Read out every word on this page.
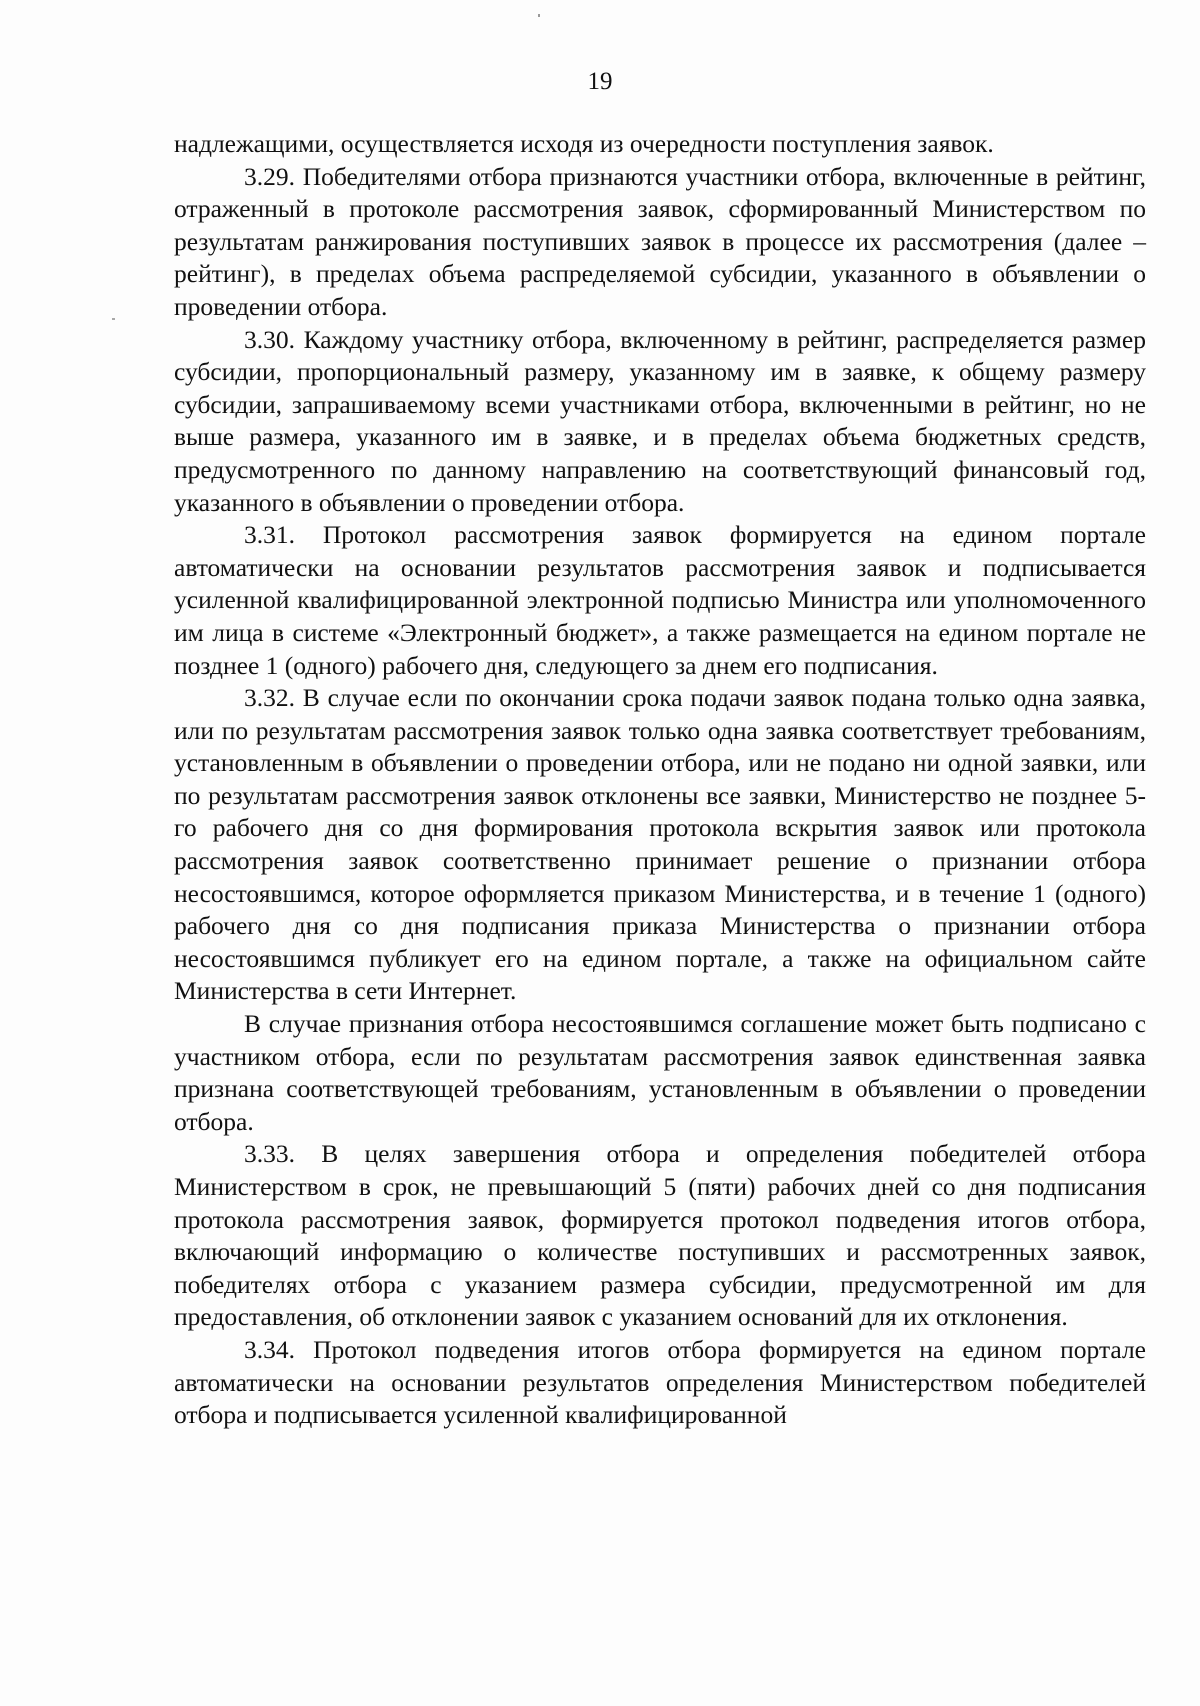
19

надлежащими, осуществляется исходя из очередности поступления заявок.

3.29. Победителями отбора признаются участники отбора, включенные в рейтинг, отраженный в протоколе рассмотрения заявок, сформированный Министерством по результатам ранжирования поступивших заявок в процессе их рассмотрения (далее – рейтинг), в пределах объема распределяемой субсидии, указанного в объявлении о проведении отбора.

3.30. Каждому участнику отбора, включенному в рейтинг, распределяется размер субсидии, пропорциональный размеру, указанному им в заявке, к общему размеру субсидии, запрашиваемому всеми участниками отбора, включенными в рейтинг, но не выше размера, указанного им в заявке, и в пределах объема бюджетных средств, предусмотренного по данному направлению на соответствующий финансовый год, указанного в объявлении о проведении отбора.

3.31. Протокол рассмотрения заявок формируется на едином портале автоматически на основании результатов рассмотрения заявок и подписывается усиленной квалифицированной электронной подписью Министра или уполномоченного им лица в системе «Электронный бюджет», а также размещается на едином портале не позднее 1 (одного) рабочего дня, следующего за днем его подписания.

3.32. В случае если по окончании срока подачи заявок подана только одна заявка, или по результатам рассмотрения заявок только одна заявка соответствует требованиям, установленным в объявлении о проведении отбора, или не подано ни одной заявки, или по результатам рассмотрения заявок отклонены все заявки, Министерство не позднее 5-го рабочего дня со дня формирования протокола вскрытия заявок или протокола рассмотрения заявок соответственно принимает решение о признании отбора несостоявшимся, которое оформляется приказом Министерства, и в течение 1 (одного) рабочего дня со дня подписания приказа Министерства о признании отбора несостоявшимся публикует его на едином портале, а также на официальном сайте Министерства в сети Интернет.

В случае признания отбора несостоявшимся соглашение может быть подписано с участником отбора, если по результатам рассмотрения заявок единственная заявка признана соответствующей требованиям, установленным в объявлении о проведении отбора.

3.33. В целях завершения отбора и определения победителей отбора Министерством в срок, не превышающий 5 (пяти) рабочих дней со дня подписания протокола рассмотрения заявок, формируется протокол подведения итогов отбора, включающий информацию о количестве поступивших и рассмотренных заявок, победителях отбора с указанием размера субсидии, предусмотренной им для предоставления, об отклонении заявок с указанием оснований для их отклонения.

3.34. Протокол подведения итогов отбора формируется на едином портале автоматически на основании результатов определения Министерством победителей отбора и подписывается усиленной квалифицированной
